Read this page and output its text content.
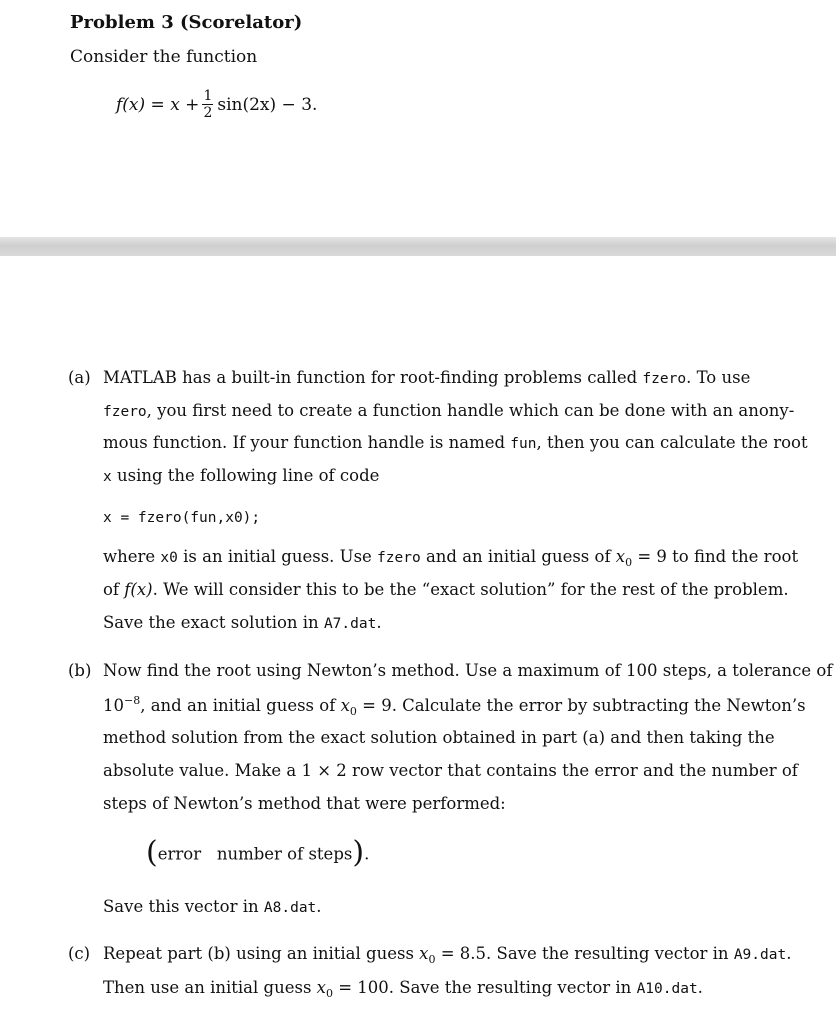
Problem 3 (Scorelator)
Consider the function
$f(x) = x + \frac{1}{2} \sin(2x) - 3$.
(a) MATLAB has a built-in function for root-finding problems called fzero. To use
fzero, you first need to create a function handle which can be done with an anony-
mous function. If your function handle is named fun, then you can calculate the root
x using the following line of code
x = fzero(fun,x0);
where x0 is an initial guess. Use fzero and an initial guess of $x_0 = 9$ to find the root
of f(x). We will consider this to be the “exact solution” for the rest of the problem.
Save the exact solution in A7.dat.
(b) Now find the root using Newton’s method. Use a maximum of 100 steps, a tolerance of
$10^{-8}$, and an initial guess of $x_0 = 9$. Calculate the error by subtracting the Newton’s
method solution from the exact solution obtained in part (a) and then taking the
absolute value. Make a 1 × 2 row vector that contains the error and the number of
steps of Newton’s method that were performed:
(error   number of steps).
Save this vector in A8.dat.
(c) Repeat part (b) using an initial guess $x_0 = 8.5$. Save the resulting vector in A9.dat.
Then use an initial guess $x_0 = 100$. Save the resulting vector in A10.dat.
